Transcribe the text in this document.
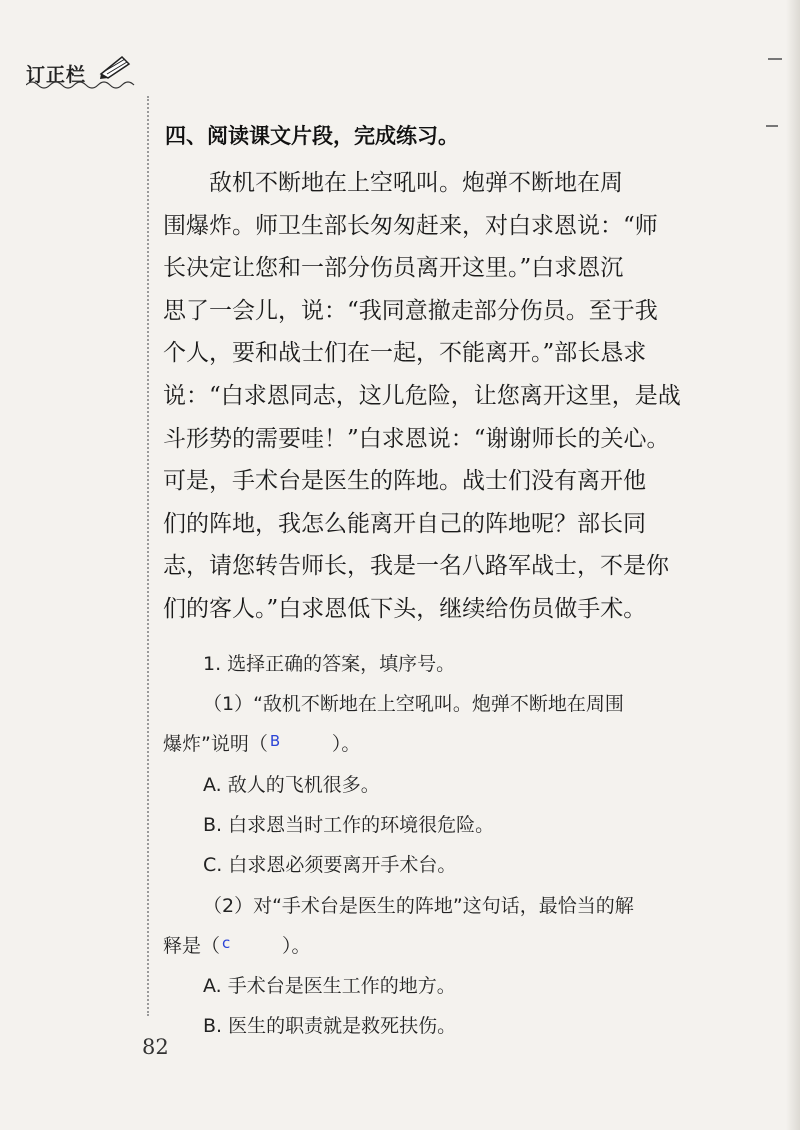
订正栏
四、阅读课文片段，完成练习。
　　敌机不断地在上空吼叫。炮弹不断地在周
围爆炸。师卫生部长匆匆赶来，对白求恩说：“师
长决定让您和一部分伤员离开这里。”白求恩沉
思了一会儿，说：“我同意撤走部分伤员。至于我
个人，要和战士们在一起，不能离开。”部长恳求
说：“白求恩同志，这儿危险，让您离开这里，是战
斗形势的需要哇！”白求恩说：“谢谢师长的关心。
可是，手术台是医生的阵地。战士们没有离开他
们的阵地，我怎么能离开自己的阵地呢？部长同
志，请您转告师长，我是一名八路军战士，不是你
们的客人。”白求恩低下头，继续给伤员做手术。
1. 选择正确的答案，填序号。
（1）“敌机不断地在上空吼叫。炮弹不断地在周围
爆炸”说明（ B	）。
A. 敌人的飞机很多。
B. 白求恩当时工作的环境很危险。
C. 白求恩必须要离开手术台。
（2）对“手术台是医生的阵地”这句话，最恰当的解
释是（ c	）。
A. 手术台是医生工作的地方。
B. 医生的职责就是救死扶伤。
82
